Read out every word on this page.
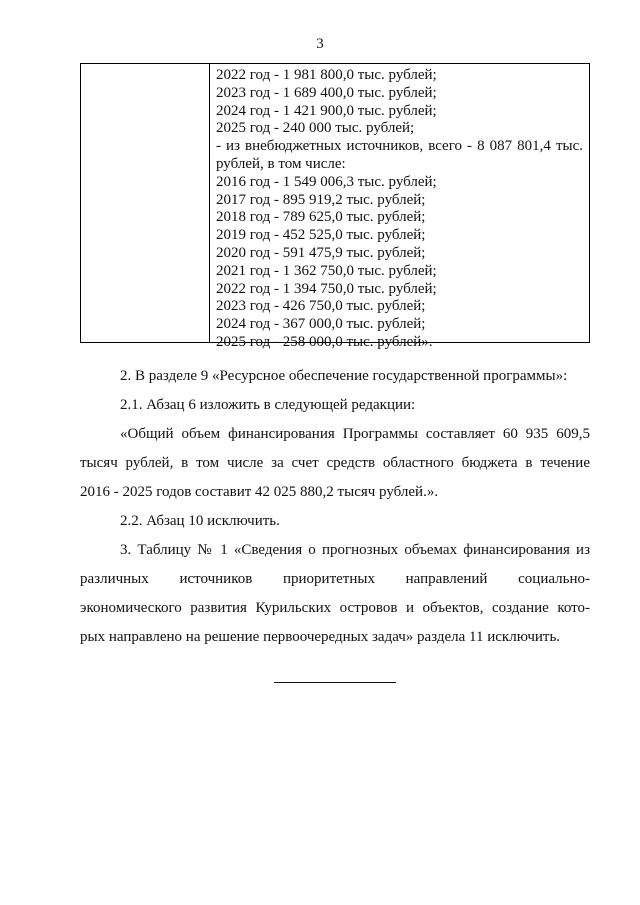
3
2022 год - 1 981 800,0 тыс. рублей;
2023 год - 1 689 400,0 тыс. рублей;
2024 год - 1 421 900,0 тыс. рублей;
2025 год - 240 000 тыс. рублей;
- из внебюджетных источников, всего - 8 087 801,4 тыс.
рублей, в том числе:
2016 год - 1 549 006,3 тыс. рублей;
2017 год - 895 919,2 тыс. рублей;
2018 год - 789 625,0 тыс. рублей;
2019 год - 452 525,0 тыс. рублей;
2020 год - 591 475,9 тыс. рублей;
2021 год - 1 362 750,0 тыс. рублей;
2022 год - 1 394 750,0 тыс. рублей;
2023 год - 426 750,0 тыс. рублей;
2024 год - 367 000,0 тыс. рублей;
2025 год - 258 000,0 тыс. рублей».
2. В разделе 9 «Ресурсное обеспечение государственной программы»:
2.1. Абзац 6 изложить в следующей редакции:
«Общий объем финансирования Программы составляет 60 935 609,5
тысяч рублей, в том числе за счет средств областного бюджета в течение
2016 - 2025 годов составит 42 025 880,2 тысяч рублей.».
2.2. Абзац 10 исключить.
3. Таблицу № 1 «Сведения о прогнозных объемах финансирования из
различных источников приоритетных направлений социально-
экономического развития Курильских островов и объектов, создание кото-
рых направлено на решение первоочередных задач» раздела 11 исключить.
